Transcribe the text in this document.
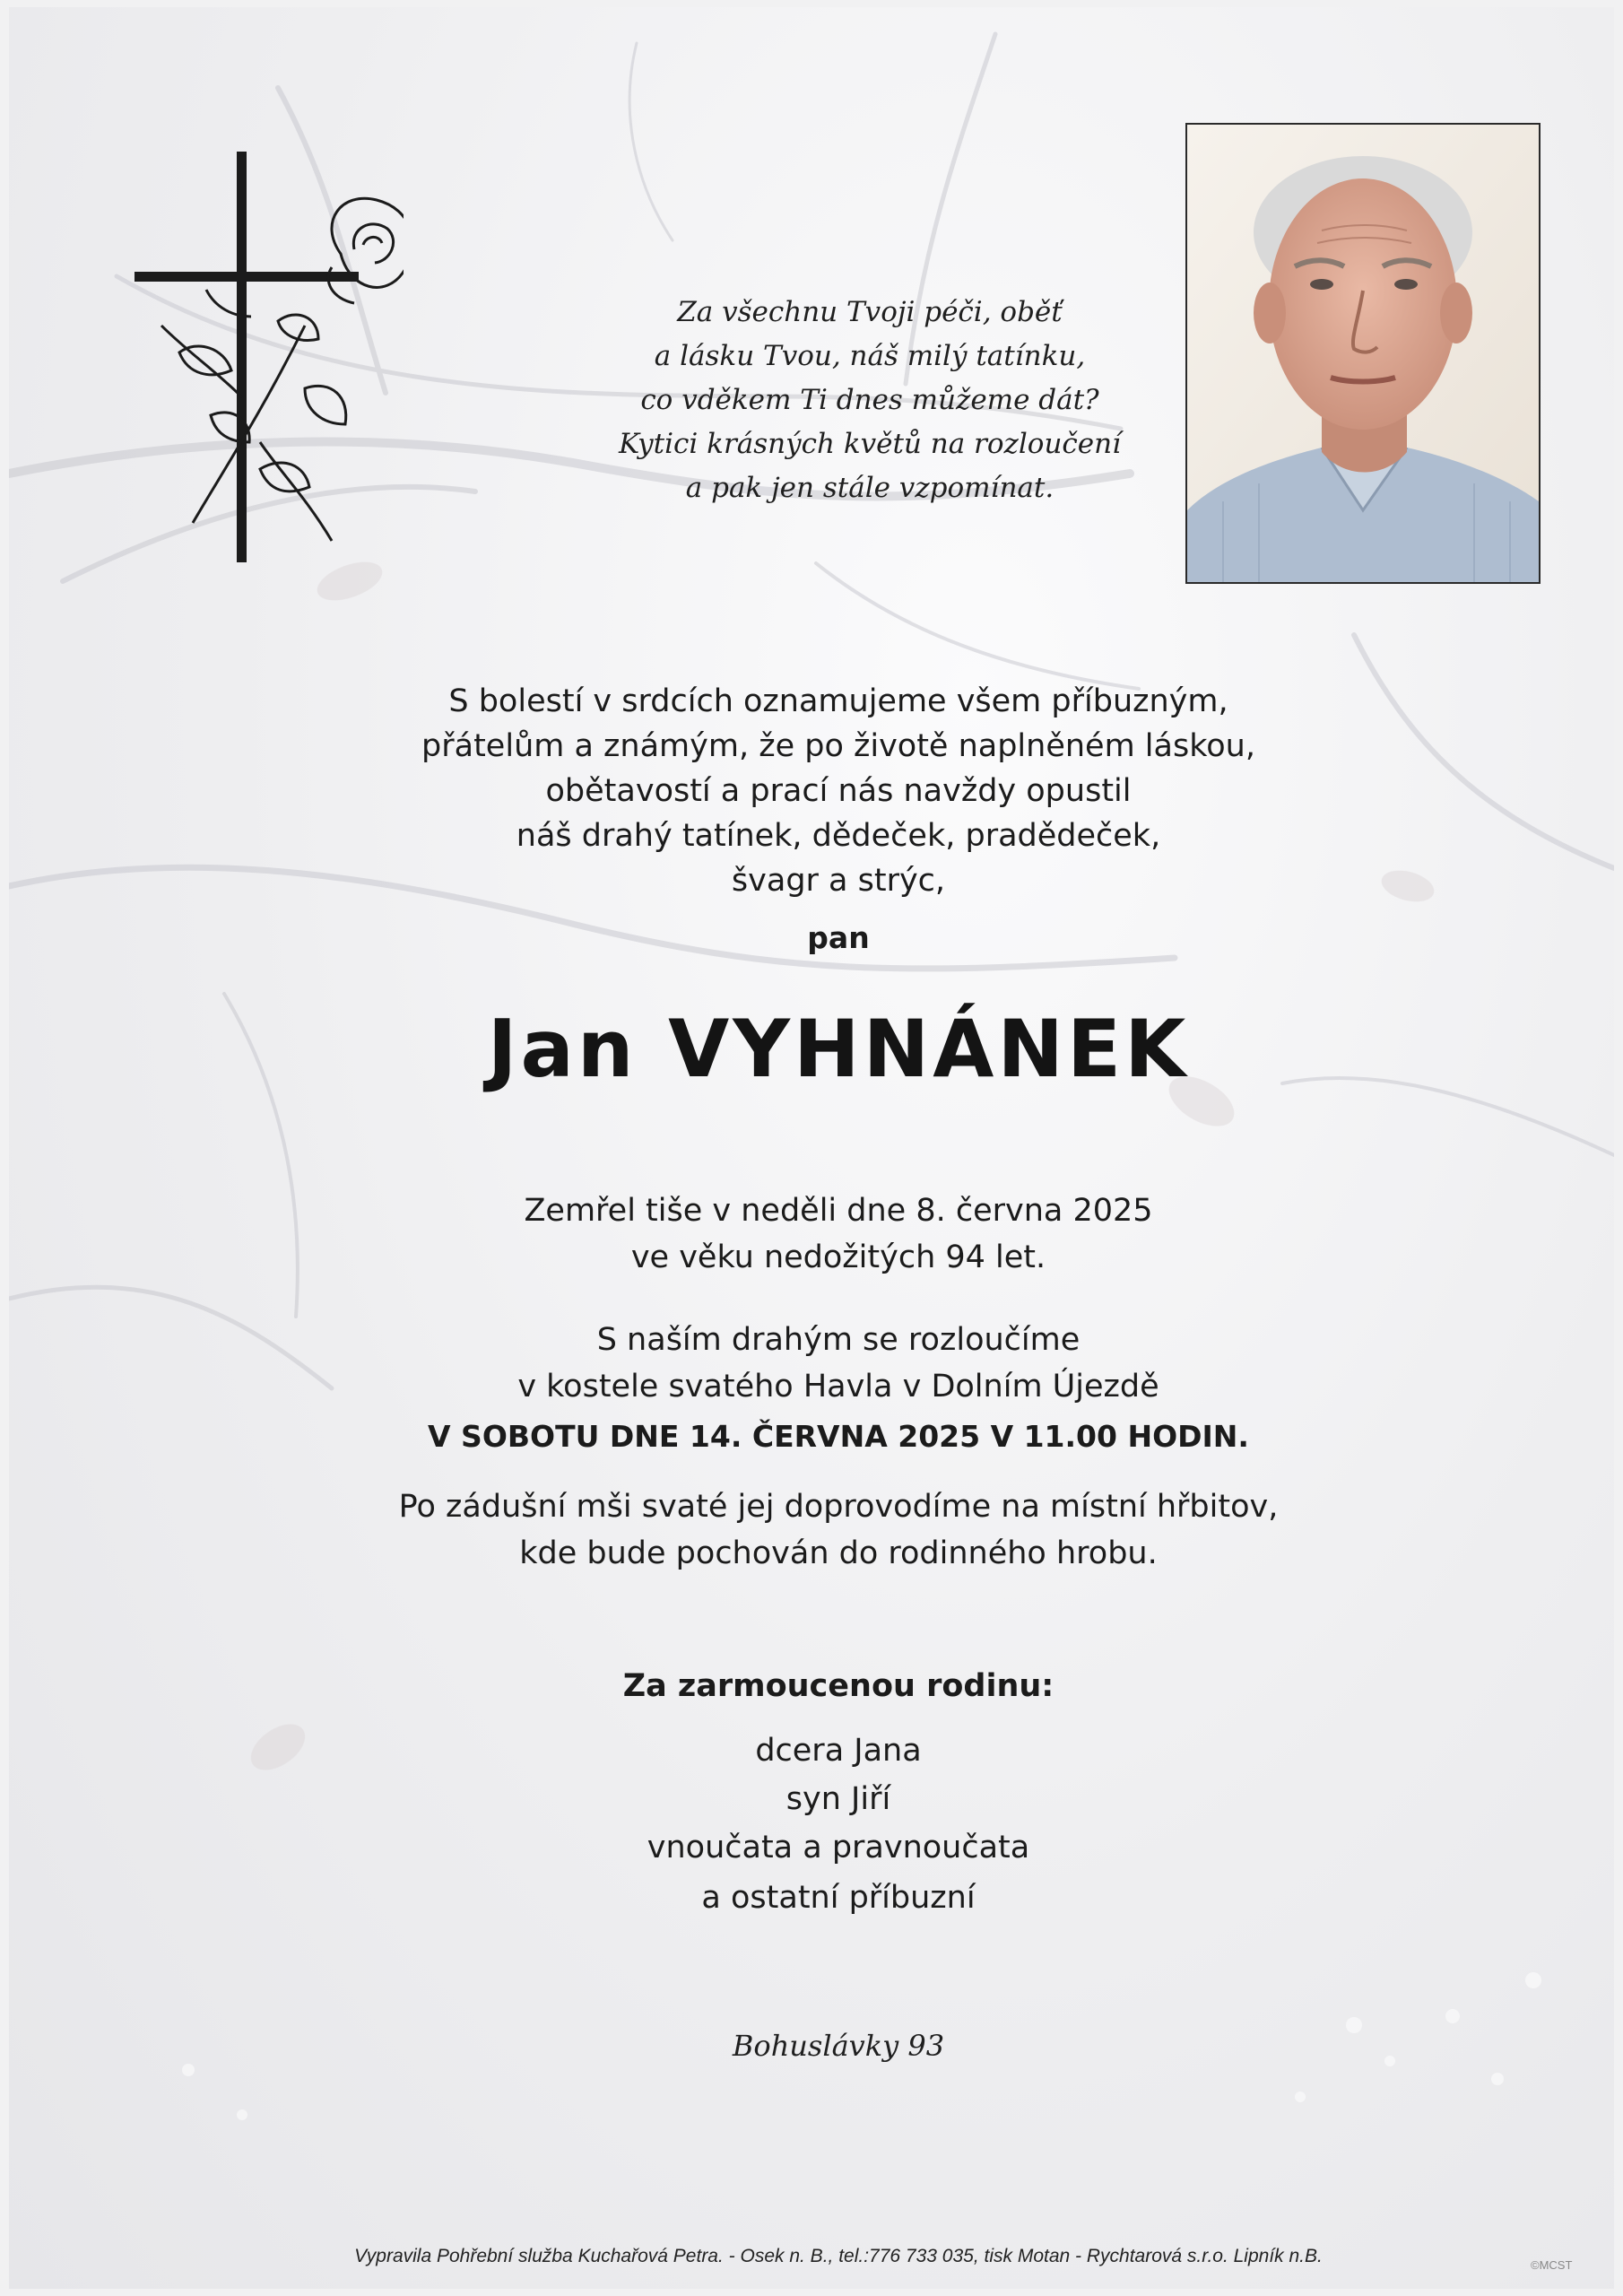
Za všechnu Tvoji péči, oběť
a lásku Tvou, náš milý tatínku,
co vděkem Ti dnes můžeme dát?
Kytici krásných květů na rozloučení
a pak jen stále vzpomínat.
S bolestí v srdcích oznamujeme všem příbuzným,
přátelům a známým, že po životě naplněném láskou,
obětavostí a prací nás navždy opustil
náš drahý tatínek, dědeček, pradědeček,
švagr a strýc,
pan
Jan VYHNÁNEK
Zemřel tiše v neděli dne 8. června 2025
ve věku nedožitých 94 let.
S naším drahým se rozloučíme
v kostele svatého Havla v Dolním Újezdě
V SOBOTU DNE 14. ČERVNA 2025 V 11.00 HODIN.
Po zádušní mši svaté jej doprovodíme na místní hřbitov,
kde bude pochován do rodinného hrobu.
Za zarmoucenou rodinu:
dcera Jana
syn Jiří
vnoučata a pravnoučata
a ostatní příbuzní
Bohuslávky 93
Vypravila Pohřební služba Kuchařová Petra. - Osek n. B., tel.:776 733 035, tisk Motan - Rychtarová s.r.o. Lipník n.B.	©MCST
